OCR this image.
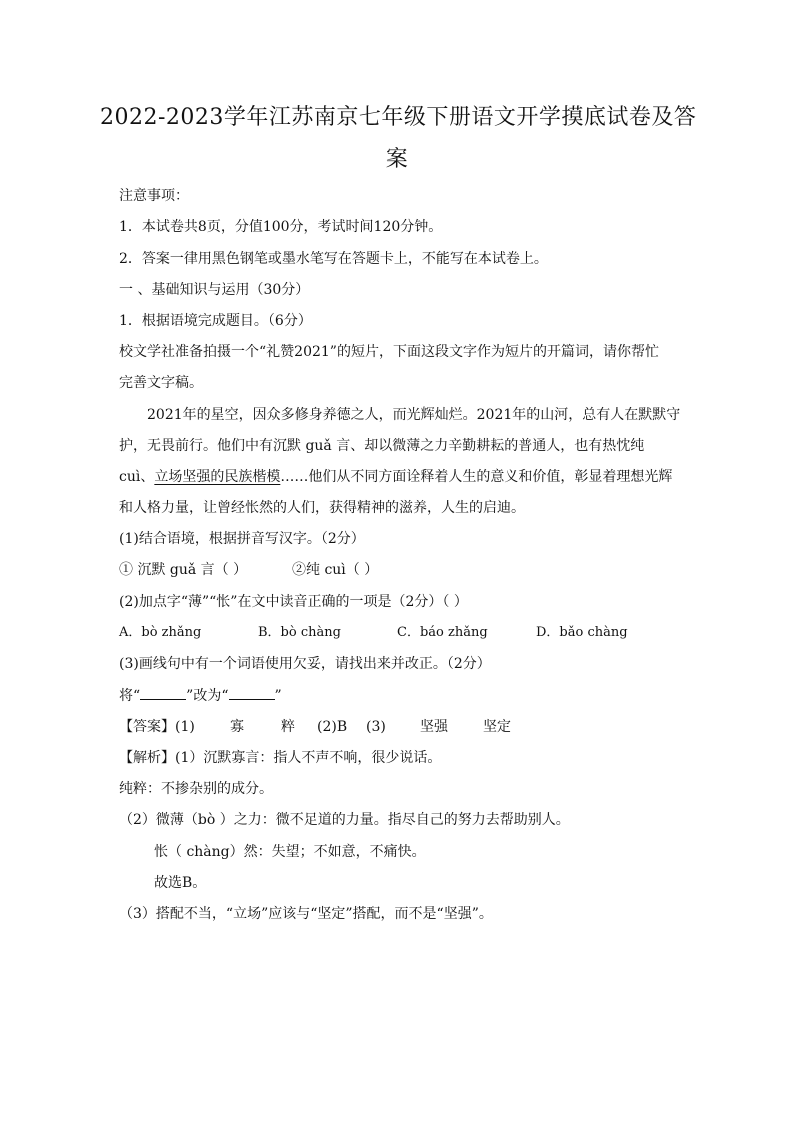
2022-2023学年江苏南京七年级下册语文开学摸底试卷及答
案
注意事项：
1．本试卷共8页，分值100分，考试时间120分钟。
2．答案一律用黑色钢笔或墨水笔写在答题卡上，不能写在本试卷上。
一 、基础知识与运用（30分）
1．根据语境完成题目。（6分）
校文学社准备拍摄一个“礼赞2021”的短片，下面这段文字作为短片的开篇词，请你帮忙
完善文字稿。
2021年的星空，因众多修身养德之人，而光辉灿烂。2021年的山河，总有人在默默守
护，无畏前行。他们中有沉默 guǎ 言、却以微薄之力辛勤耕耘的普通人，也有热忱纯
cuì、立场坚强的民族楷模……他们从不同方面诠释着人生的意义和价值，彰显着理想光辉
和人格力量，让曾经怅然的人们，获得精神的滋养，人生的启迪。
(1)结合语境，根据拼音写汉字。（2分）
① 沉默 guǎ 言（ ）	②纯 cuì（ ）
(2)加点字“薄”“怅”在文中读音正确的一项是（2分）（ ）
A．bò zhǎng	B．bò chàng	C．báo zhǎng	D．bǎo chàng
(3)画线句中有一个词语使用欠妥，请找出来并改正。（2分）
将“	”改为“	”
【答案】(1)	寡	粹 (2)B (3) 坚强	坚定
【解析】(1）沉默寡言：指人不声不响，很少说话。
纯粹：不掺杂别的成分。
（2）微薄（bò ）之力：微不足道的力量。指尽自己的努力去帮助别人。
怅（ chàng）然：失望；不如意，不痛快。
故选B。
（3）搭配不当，“立场”应该与“坚定”搭配，而不是“坚强”。
